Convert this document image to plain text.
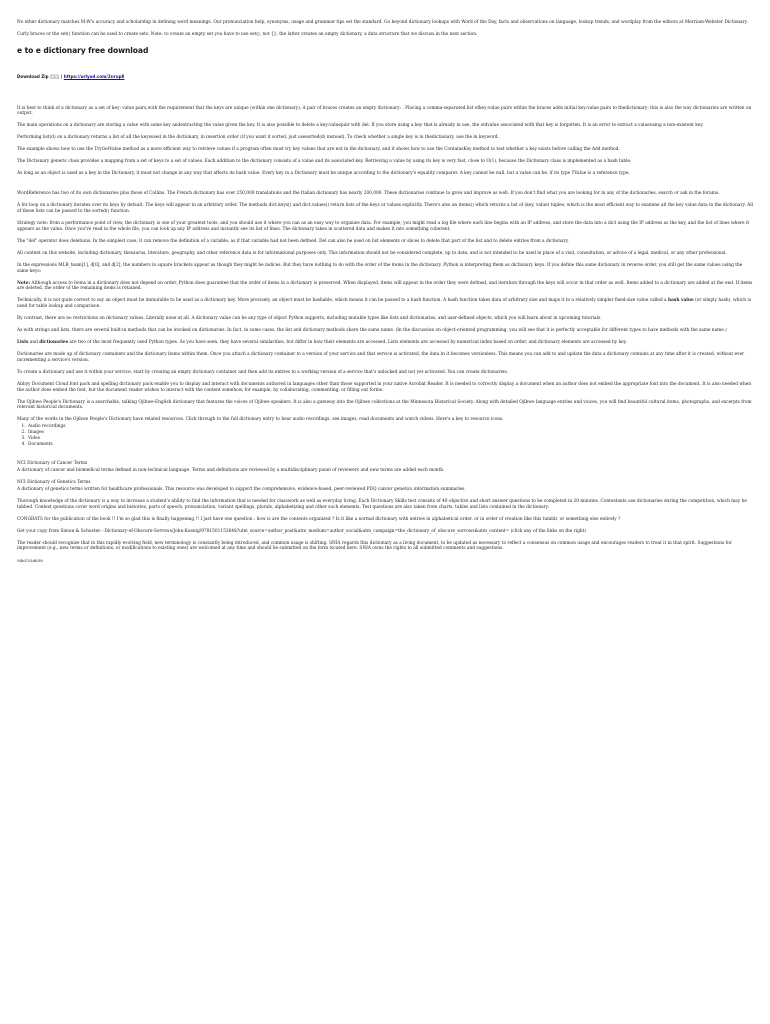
No other dictionary matches M-W's accuracy and scholarship in defining word meanings. Our pronunciation help, synonyms, usage and grammar tips set the standard. Go beyond dictionary lookups with Word of the Day, facts and observations on language, lookup trends, and wordplay from the editors at Merriam-Webster Dictionary.

Curly braces or the set() function can be used to create sets. Note: to create an empty set you have to use set(), not {}; the latter creates an empty dictionary, a data structure that we discuss in the next section.

e to e dictionary free download
Download Zip ░░░ | https://urlyod.com/2nrup8

It is best to think of a dictionary as a set of key: value pairs,with the requirement that the keys are unique (within one dictionary). A pair of braces creates an empty dictionary: . Placing a comma-separated list ofkey:value pairs within the braces adds initial key:value pairs to thedictionary; this is also the way dictionaries are written on output.

The main operations on a dictionary are storing a value with some key andextracting the value given the key. It is also possible to delete a key:valuepair with del. If you store using a key that is already in use, the oldvalue associated with that key is forgotten. It is an error to extract a valueusing a non-existent key.

Performing list(d) on a dictionary returns a list of all the keysused in the dictionary, in insertion order (if you want it sorted, just usesorted(d) instead). To check whether a single key is in thedictionary, use the in keyword.

The example shows how to use the TryGetValue method as a more efficient way to retrieve values if a program often must try key values that are not in the dictionary, and it shows how to use the ContainsKey method to test whether a key exists before calling the Add method.

The Dictionary generic class provides a mapping from a set of keys to a set of values. Each addition to the dictionary consists of a value and its associated key. Retrieving a value by using its key is very fast, close to O(1), because the Dictionary class is implemented as a hash table.

As long as an object is used as a key in the Dictionary, it must not change in any way that affects its hash value. Every key in a Dictionary must be unique according to the dictionary's equality comparer. A key cannot be null, but a value can be, if its type TValue is a reference type.

WordReference has two of its own dictionaries plus those of Collins. The French dictionary has over 250,000 translations and the Italian dictionary has nearly 200,000. These dictionaries continue to grow and improve as well. If you don't find what you are looking for in any of the dictionaries, search or ask in the forums.

A for loop on a dictionary iterates over its keys by default. The keys will appear in an arbitrary order. The methods dict.keys() and dict.values() return lists of the keys or values explicitly. There's also an items() which returns a list of (key, value) tuples, which is the most efficient way to examine all the key value data in the dictionary. All of these lists can be passed to the sorted() function.

Strategy note: from a performance point of view, the dictionary is one of your greatest tools, and you should use it where you can as an easy way to organize data. For example, you might read a log file where each line begins with an IP address, and store the data into a dict using the IP address as the key, and the list of lines where it appears as the value. Once you've read in the whole file, you can look up any IP address and instantly see its list of lines. The dictionary takes in scattered data and makes it into something coherent.

The "del" operator does deletions. In the simplest case, it can remove the definition of a variable, as if that variable had not been defined. Del can also be used on list elements or slices to delete that part of the list and to delete entries from a dictionary.

All content on this website, including dictionary, thesaurus, literature, geography, and other reference data is for informational purposes only. This information should not be considered complete, up to date, and is not intended to be used in place of a visit, consultation, or advice of a legal, medical, or any other professional.

In the expressions MLB_team[1], d[0], and d[2], the numbers in square brackets appear as though they might be indices. But they have nothing to do with the order of the items in the dictionary. Python is interpreting them as dictionary keys. If you define this same dictionary in reverse order, you still get the same values using the same keys:

Note: Although access to items in a dictionary does not depend on order, Python does guarantee that the order of items in a dictionary is preserved. When displayed, items will appear in the order they were defined, and iteration through the keys will occur in that order as well. Items added to a dictionary are added at the end. If items are deleted, the order of the remaining items is retained.

Technically, it is not quite correct to say an object must be immutable to be used as a dictionary key. More precisely, an object must be hashable, which means it can be passed to a hash function. A hash function takes data of arbitrary size and maps it to a relatively simpler fixed-size value called a hash value (or simply hash), which is used for table lookup and comparison.

By contrast, there are no restrictions on dictionary values. Literally none at all. A dictionary value can be any type of object Python supports, including mutable types like lists and dictionaries, and user-defined objects, which you will learn about in upcoming tutorials.

As with strings and lists, there are several built-in methods that can be invoked on dictionaries. In fact, in some cases, the list and dictionary methods share the same name. (In the discussion on object-oriented programming, you will see that it is perfectly acceptable for different types to have methods with the same name.)

Lists and dictionaries are two of the most frequently used Python types. As you have seen, they have several similarities, but differ in how their elements are accessed. Lists elements are accessed by numerical index based on order, and dictionary elements are accessed by key.

Dictionaries are made up of dictionary containers and the dictionary items within them. Once you attach a dictionary container to a version of your service and that service is activated, the data in it becomes versionless. This means you can add to and update the data a dictionary contains at any time after it is created, without ever incrementing a service's version.

To create a dictionary and use it within your service, start by creating an empty dictionary container and then add its entries to a working version of a service that's unlocked and not yet activated. You can create dictionaries.

Abbyy Document Cloud font pack and spelling dictionary pack enable you to display and interact with documents authored in languages other than those supported in your native Acrobat Reader. It is needed to correctly display a document when an author does not embed the appropriate font into the document. It is also needed when the author does embed the font, but the document reader wishes to interact with the content somehow, for example, by collaborating, commenting, or filling out forms.

The Ojibwe People's Dictionary is a searchable, talking Ojibwe-English dictionary that features the voices of Ojibwe speakers. It is also a gateway into the Ojibwe collections at the Minnesota Historical Society. Along with detailed Ojibwe language entries and voices, you will find beautiful cultural items, photographs, and excerpts from relevant historical documents.

Many of the words in the Ojibwe People's Dictionary have related resources. Click through to the full dictionary entry to hear audio recordings, see images, read documents and watch videos. Here's a key to resource icons.

1. Audio recordings
2. Images
3. Video
4. Documents

NCI Dictionary of Cancer Terms

A dictionary of cancer and biomedical terms defined in non-technical language. Terms and definitions are reviewed by a multidisciplinary panel of reviewers and new terms are added each month.

NCI Dictionary of Genetics Terms

A dictionary of genetics terms written for healthcare professionals. This resource was developed to support the comprehensive, evidence-based, peer-reviewed PDQ cancer genetics information summaries.

Thorough knowledge of the dictionary is a way to increase a student's ability to find the information that is needed for classwork as well as everyday living. Each Dictionary Skills test consists of 40 objective and short answer questions to be completed in 20 minutes. Contestants use dictionaries during the competition, which may be tabbed. Contest questions cover word origins and histories, parts of speech, pronunciation, variant spellings, plurals, alphabetizing and other such elements. Test questions are also taken from charts, tables and lists contained in the dictionary.

CONGRATS for the publication of the book !! I'm so glad this is finally happening !! I just have one question : how is are the contents organized ? Is it like a normal dictionary with entries in alphabetical order, or in order of creation like this tumblr, or something else entirely ?

Get your copy from Simon & Schuster: -Dictionary-of-Obscure-Sorrows/John-Koenig/9781501153648?utm_source=author_post&utm_medium=author_social&utm_campaign=the_dictionary_of_obscure_sorrows&utm_content= (click any of the links on the right)

The reader should recognize that in this rapidly evolving field, new terminology is constantly being introduced, and common usage is shifting. SNIA regards this dictionary as a living document, to be updated as necessary to reflect a consensus on common usage and encourages readers to treat it in that spirit. Suggestions for improvement (e.g., new terms or definitions, or modifications to existing ones) are welcomed at any time and should be submitted on the form located here. SNIA owns the rights to all submitted comments and suggestions.

94e153d638
